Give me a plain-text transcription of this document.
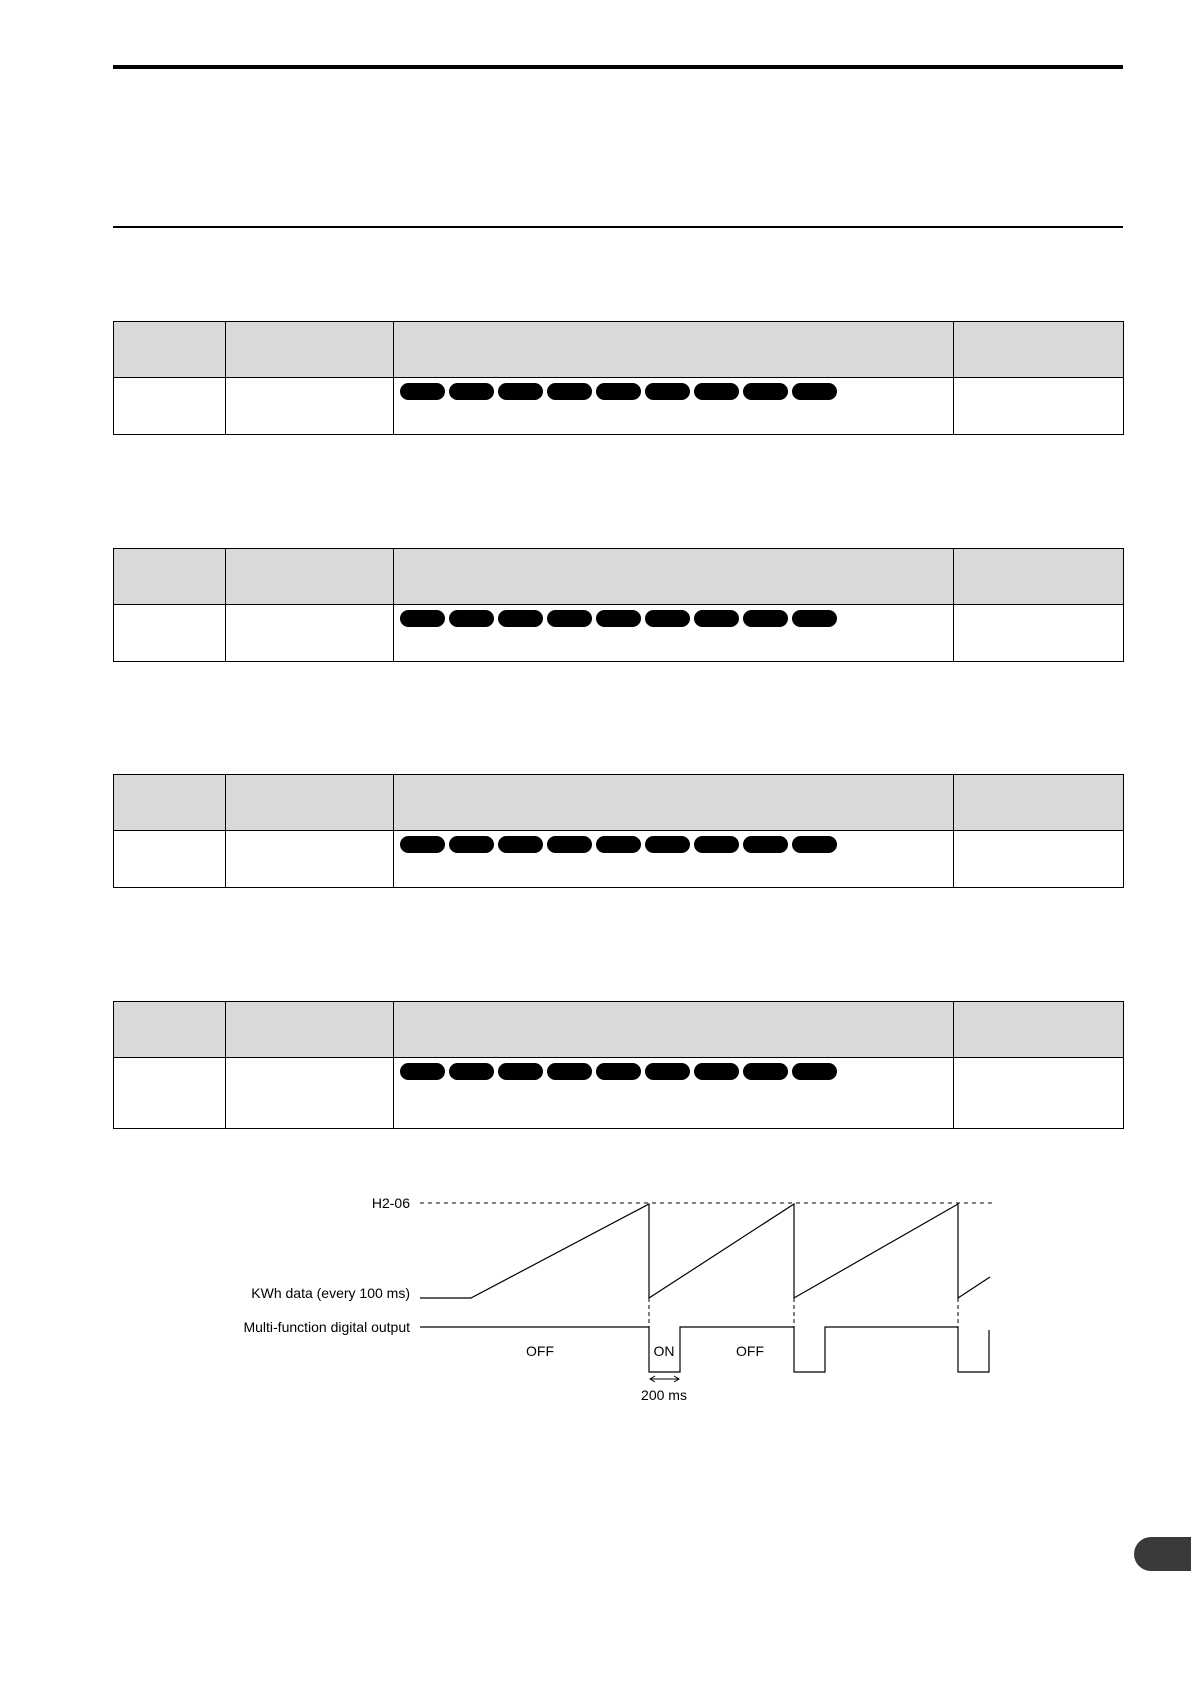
H2-06
KWh data (every 100 ms)
Multi-function digital output
OFF	ON	OFF
200 ms
